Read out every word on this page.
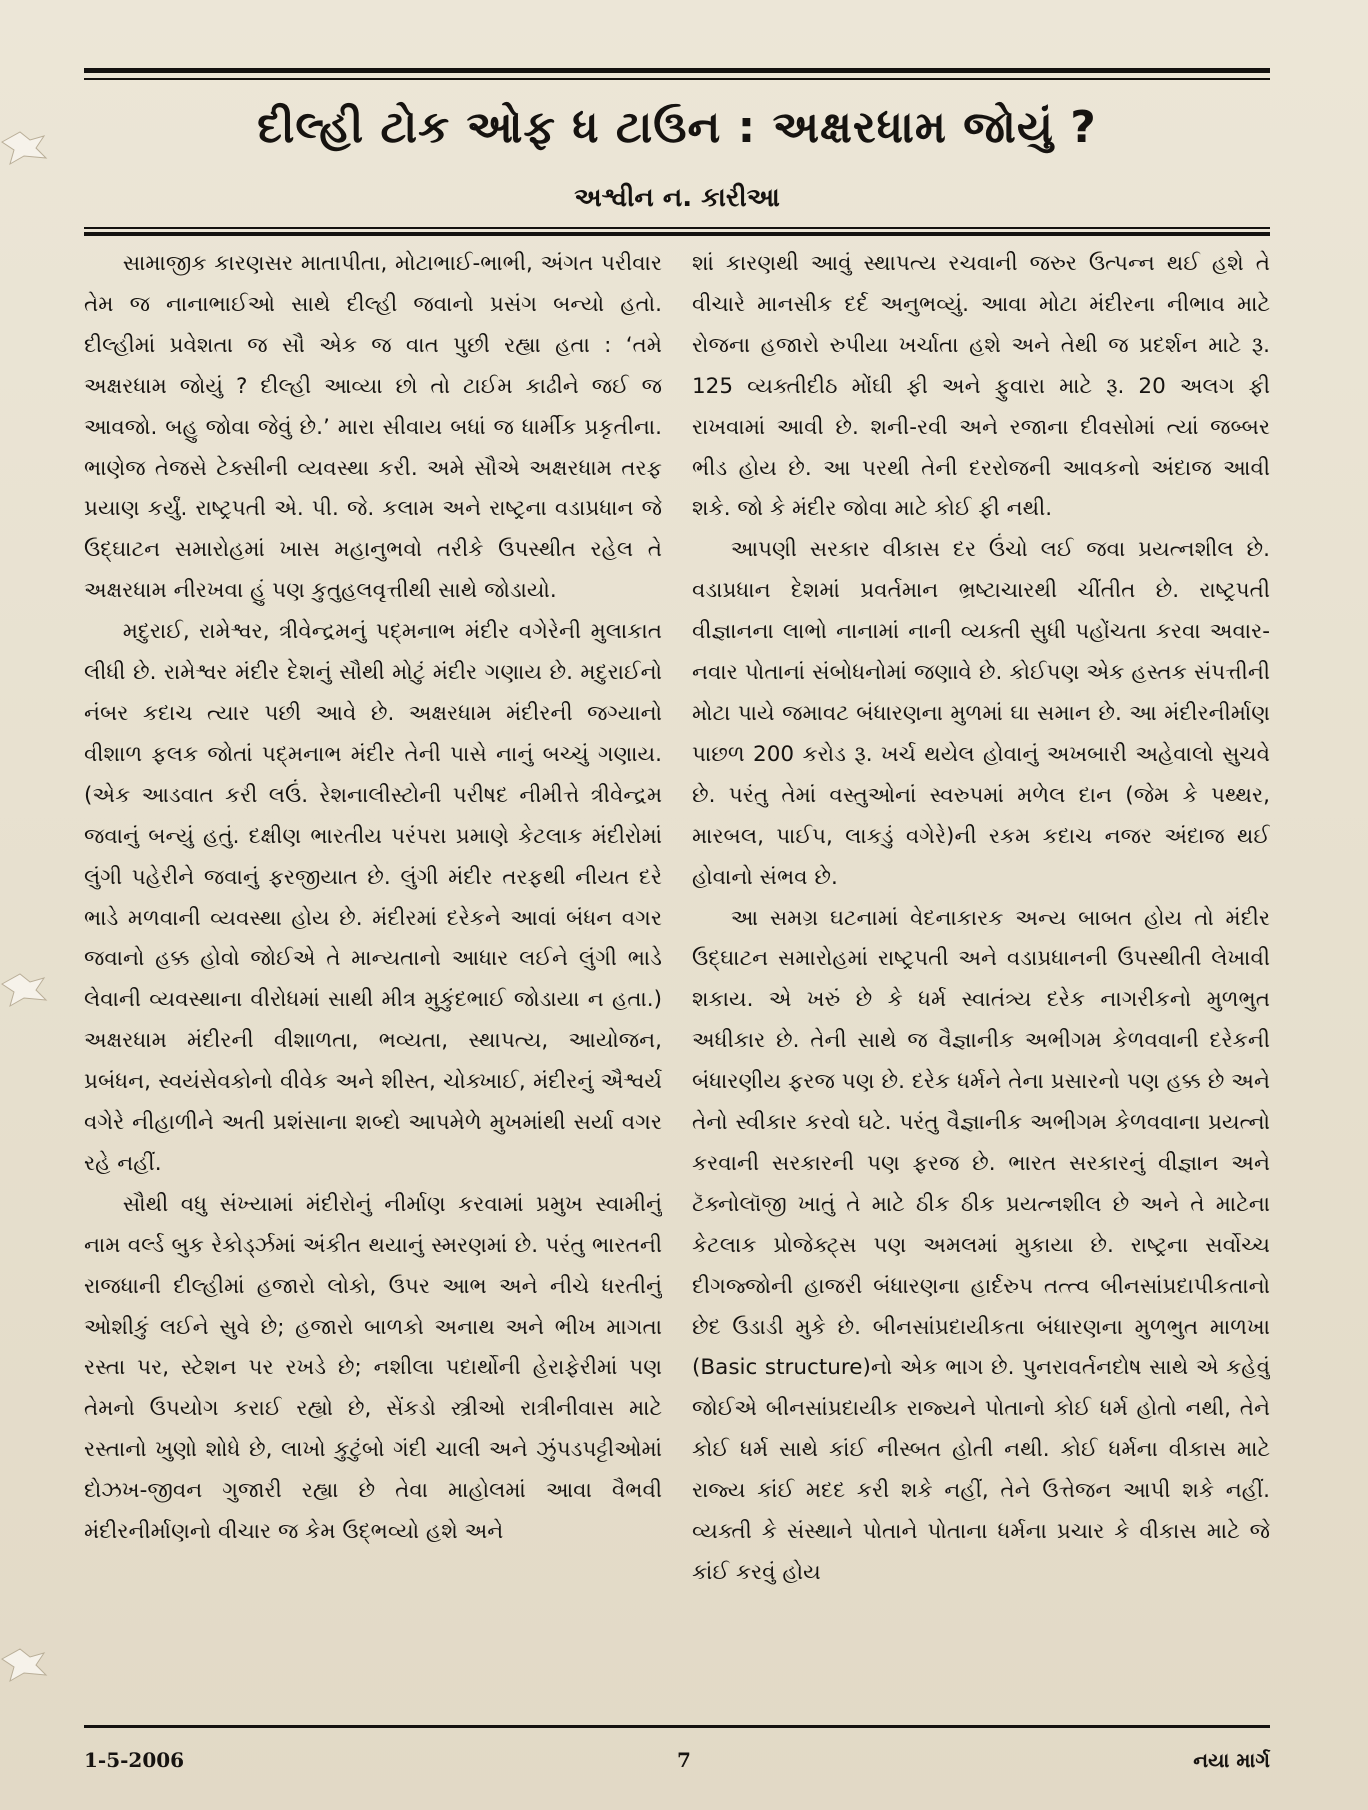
દીલ્હી ટોક ઓફ ધ ટાઉન : અક્ષરધામ જોયું ?
અશ્વીન ન. કારીઆ

સામાજીક કારણસર માતાપીતા, મોટાભાઈ-ભાભી, અંગત પરીવાર તેમ જ નાનાભાઈઓ સાથે દીલ્હી જવાનો પ્રસંગ બન્યો હતો. દીલ્હીમાં પ્રવેશતા જ સૌ એક જ વાત પુછી રહ્યા હતા : ‘તમે અક્ષરધામ જોયું ? દીલ્હી આવ્યા છો તો ટાઈમ કાઢીને જઈ જ આવજો. બહુ જોવા જેવું છે.’ મારા સીવાય બધાં જ ધાર્મીક પ્રકૃતીના. ભાણેજ તેજસે ટેક્સીની વ્યવસ્થા કરી. અમે સૌએ અક્ષરધામ તરફ પ્રયાણ કર્યું. રાષ્ટ્રપતી એ. પી. જે. કલામ અને રાષ્ટ્રના વડાપ્રધાન જે ઉદ્‌ઘાટન સમારોહમાં ખાસ મહાનુભવો તરીકે ઉપસ્થીત રહેલ તે અક્ષરધામ નીરખવા હું પણ કુતુહલવૃત્તીથી સાથે જોડાયો.

મદુરાઈ, રામેશ્વર, ત્રીવેન્દ્રમનું પદ્‌મનાભ મંદીર વગેરેની મુલાકાત લીધી છે. રામેશ્વર મંદીર દેશનું સૌથી મોટું મંદીર ગણાય છે. મદુરાઈનો નંબર કદાચ ત્યાર પછી આવે છે. અક્ષરધામ મંદીરની જગ્યાનો વીશાળ ફલક જોતાં પદ્‌મનાભ મંદીર તેની પાસે નાનું બચ્ચું ગણાય. (એક આડવાત કરી લઉં. રેશનાલીસ્ટોની પરીષદ નીમીત્તે ત્રીવેન્દ્રમ જવાનું બન્યું હતું. દક્ષીણ ભારતીય પરંપરા પ્રમાણે કેટલાક મંદીરોમાં લુંગી પહેરીને જવાનું ફરજીયાત છે. લુંગી મંદીર તરફથી નીયત દરે ભાડે મળવાની વ્યવસ્થા હોય છે. મંદીરમાં દરેકને આવાં બંધન વગર જવાનો હક્ક હોવો જોઈએ તે માન્યતાનો આધાર લઈને લુંગી ભાડે લેવાની વ્યવસ્થાના વીરોધમાં સાથી મીત્ર મુકુંદભાઈ જોડાયા ન હતા.) અક્ષરધામ મંદીરની વીશાળતા, ભવ્યતા, સ્થાપત્ય, આયોજન, પ્રબંધન, સ્વયંસેવકોનો વીવેક અને શીસ્ત, ચોક્ખાઈ, મંદીરનું ઐશ્વર્ય વગેરે નીહાળીને અતી પ્રશંસાના શબ્દો આપમેળે મુખમાંથી સર્યા વગર રહે નહીં.

સૌથી વધુ સંખ્યામાં મંદીરોનું નીર્માણ કરવામાં પ્રમુખ સ્વામીનું નામ વર્લ્ડ બુક રેકોર્ડ્ઝમાં અંકીત થયાનું સ્મરણમાં છે. પરંતુ ભારતની રાજધાની દીલ્હીમાં હજારો લોકો, ઉપર આભ અને નીચે ધરતીનું ઓશીકું લઈને સુવે છે; હજારો બાળકો અનાથ અને ભીખ માગતા રસ્તા પર, સ્ટેશન પર રખડે છે; નશીલા પદાર્થોની હેરાફેરીમાં પણ તેમનો ઉપયોગ કરાઈ રહ્યો છે, સેંકડો સ્ત્રીઓ રાત્રીનીવાસ માટે રસ્તાનો ખુણો શોધે છે, લાખો કુટુંબો ગંદી ચાલી અને ઝુંપડપટ્ટીઓમાં દોઝખ-જીવન ગુજારી રહ્યા છે તેવા માહોલમાં આવા વૈભવી મંદીરનીર્માણનો વીચાર જ કેમ ઉદ્‌ભવ્યો હશે અને

શાં કારણથી આવું સ્થાપત્ય રચવાની જરુર ઉત્પન્ન થઈ હશે તે વીચારે માનસીક દર્દ અનુભવ્યું. આવા મોટા મંદીરના નીભાવ માટે રોજના હજારો રુપીયા ખર્ચાતા હશે અને તેથી જ પ્રદર્શન માટે રૂ. 125 વ્યક્તીદીઠ મોંઘી ફી અને ફુવારા માટે રૂ. 20 અલગ ફી રાખવામાં આવી છે. શની-રવી અને રજાના દીવસોમાં ત્યાં જબ્બર ભીડ હોય છે. આ પરથી તેની દરરોજની આવકનો અંદાજ આવી શકે. જો કે મંદીર જોવા માટે કોઈ ફી નથી.

આપણી સરકાર વીકાસ દર ઉંચો લઈ જવા પ્રયત્નશીલ છે. વડાપ્રધાન દેશમાં પ્રવર્તમાન ભ્રષ્ટાચારથી ચીંતીત છે. રાષ્ટ્રપતી વીજ્ઞાનના લાભો નાનામાં નાની વ્યક્તી સુધી પહોંચતા કરવા અવાર-નવાર પોતાનાં સંબોધનોમાં જણાવે છે. કોઈપણ એક હસ્તક સંપત્તીની મોટા પાયે જમાવટ બંધારણના મુળમાં ઘા સમાન છે. આ મંદીરનીર્માણ પાછળ 200 કરોડ રૂ. ખર્ચ થયેલ હોવાનું અખબારી અહેવાલો સુચવે છે. પરંતુ તેમાં વસ્તુઓનાં સ્વરુપમાં મળેલ દાન (જેમ કે પથ્થર, મારબલ, પાઈપ, લાકડું વગેરે)ની રકમ કદાચ નજર અંદાજ થઈ હોવાનો સંભવ છે.

આ સમગ્ર ઘટનામાં વેદનાકારક અન્ય બાબત હોય તો મંદીર ઉદ્‌ઘાટન સમારોહમાં રાષ્ટ્રપતી અને વડાપ્રધાનની ઉપસ્થીતી લેખાવી શકાય. એ ખરું છે કે ધર્મ સ્વાતંત્ર્ય દરેક નાગરીકનો મુળભુત અધીકાર છે. તેની સાથે જ વૈજ્ઞાનીક અભીગમ કેળવવાની દરેકની બંધારણીય ફરજ પણ છે. દરેક ધર્મને તેના પ્રસારનો પણ હક્ક છે અને તેનો સ્વીકાર કરવો ઘટે. પરંતુ વૈજ્ઞાનીક અભીગમ કેળવવાના પ્રયત્નો કરવાની સરકારની પણ ફરજ છે. ભારત સરકારનું વીજ્ઞાન અને ટૅક્નોલૉજી ખાતું તે માટે ઠીક ઠીક પ્રયત્નશીલ છે અને તે માટેના કેટલાક પ્રોજેક્ટ્સ પણ અમલમાં મુકાયા છે. રાષ્ટ્રના સર્વોચ્ચ દીગજ્જોની હાજરી બંધારણના હાર્દરુપ તત્ત્વ બીનસાંપ્રદાપીકતાનો છેદ ઉડાડી મુકે છે. બીનસાંપ્રદાયીકતા બંધારણના મુળભુત માળખા (Basic structure)નો એક ભાગ છે. પુનરાવર્તનદોષ સાથે એ કહેવું જોઈએ બીનસાંપ્રદાયીક રાજ્યને પોતાનો કોઈ ધર્મ હોતો નથી, તેને કોઈ ધર્મ સાથે કાંઈ નીસ્બત હોતી નથી. કોઈ ધર્મના વીકાસ માટે રાજ્ય કાંઈ મદદ કરી શકે નહીં, તેને ઉત્તેજન આપી શકે નહીં. વ્યક્તી કે સંસ્થાને પોતાને પોતાના ધર્મના પ્રચાર કે વીકાસ માટે જે કાંઈ કરવું હોય

1-5-2006	7	નયા માર્ગ
